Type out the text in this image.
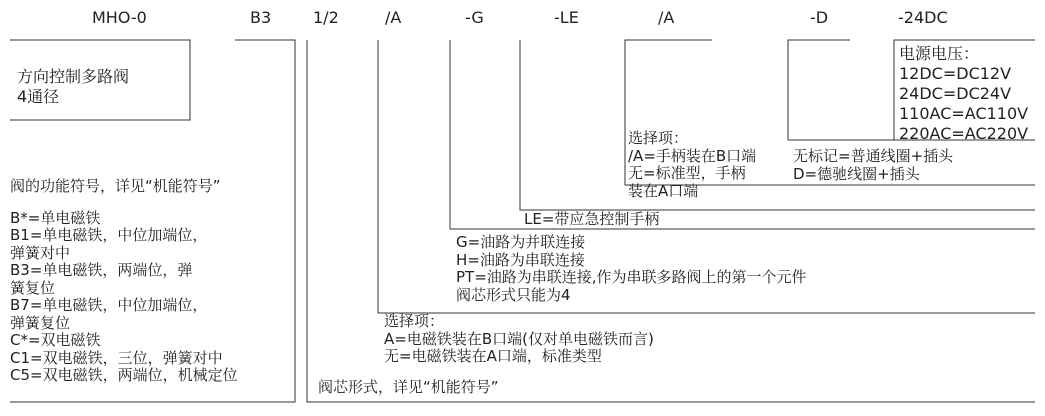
MHO-0	B3	1/2	/A	-G	-LE	/A	-D	-24DC
方向控制多路阀
4通径
电源电压：
12DC=DC12V
24DC=DC24V
110AC=AC110V
220AC=AC220V
无标记=普通线圈+插头
D=德驰线圈+插头
选择项：
/A=手柄装在B口端
无=标准型，手柄
装在A口端
LE=带应急控制手柄
G=油路为并联连接
H=油路为串联连接
PT=油路为串联连接,作为串联多路阀上的第一个元件
阀芯形式只能为4
选择项：
A=电磁铁装在B口端(仅对单电磁铁而言)
无=电磁铁装在A口端，标准类型
阀芯形式，详见“机能符号”
阀的功能符号，详见“机能符号”
B*=单电磁铁
B1=单电磁铁，中位加端位，
弹簧对中
B3=单电磁铁，两端位，弹
簧复位
B7=单电磁铁，中位加端位，
弹簧复位
C*=双电磁铁
C1=双电磁铁，三位，弹簧对中
C5=双电磁铁，两端位，机械定位
